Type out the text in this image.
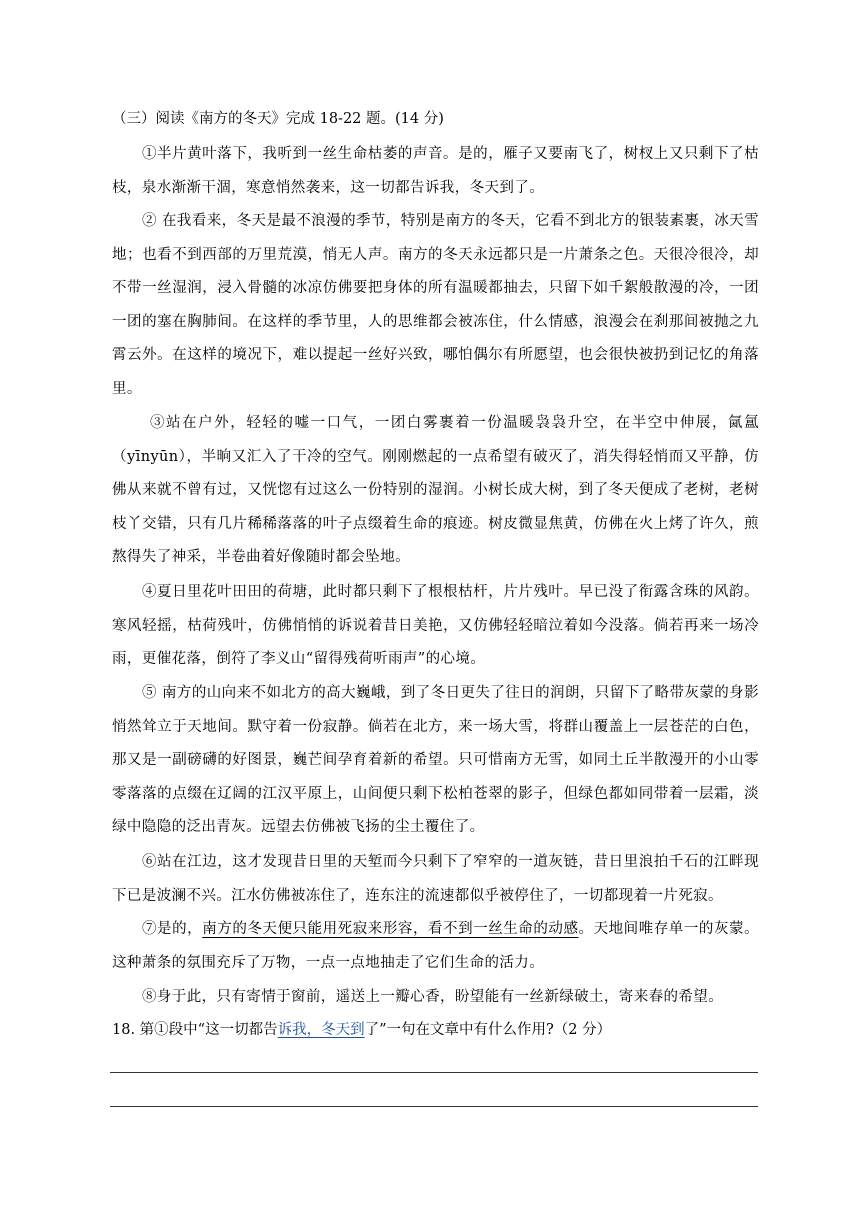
（三）阅读《南方的冬天》完成 18-22 题。(14 分)
①半片黄叶落下，我听到一丝生命枯萎的声音。是的，雁子又要南飞了，树杈上又只剩下了枯枝，泉水渐渐干涸，寒意悄然袭来，这一切都告诉我，冬天到了。
② 在我看来，冬天是最不浪漫的季节，特别是南方的冬天，它看不到北方的银装素裹，冰天雪地；也看不到西部的万里荒漠，悄无人声。南方的冬天永远都只是一片萧条之色。天很冷很冷，却不带一丝湿润，浸入骨髓的冰凉仿佛要把身体的所有温暖都抽去，只留下如千絮般散漫的冷，一团一团的塞在胸肺间。在这样的季节里，人的思维都会被冻住，什么情感，浪漫会在刹那间被抛之九霄云外。在这样的境况下，难以提起一丝好兴致，哪怕偶尔有所愿望，也会很快被扔到记忆的角落里。
③站在户外，轻轻的嘘一口气，一团白雾裹着一份温暖袅袅升空，在半空中伸展，氤氲（yīnyūn），半晌又汇入了干冷的空气。刚刚燃起的一点希望有破灭了，消失得轻悄而又平静，仿佛从来就不曾有过，又恍惚有过这么一份特别的湿润。小树长成大树，到了冬天便成了老树，老树枝丫交错，只有几片稀稀落落的叶子点缀着生命的痕迹。树皮微显焦黄，仿佛在火上烤了许久，煎熬得失了神采，半卷曲着好像随时都会坠地。
④夏日里花叶田田的荷塘，此时都只剩下了根根枯杆，片片残叶。早已没了衔露含珠的风韵。寒风轻摇，枯荷残叶，仿佛悄悄的诉说着昔日美艳，又仿佛轻轻暗泣着如今没落。倘若再来一场冷雨，更催花落，倒符了李义山“留得残荷听雨声”的心境。
⑤ 南方的山向来不如北方的高大巍峨，到了冬日更失了往日的润朗，只留下了略带灰蒙的身影悄然耸立于天地间。默守着一份寂静。倘若在北方，来一场大雪，将群山覆盖上一层苍茫的白色，那又是一副磅礴的好图景，巍芒间孕育着新的希望。只可惜南方无雪，如同土丘半散漫开的小山零零落落的点缀在辽阔的江汉平原上，山间便只剩下松柏苍翠的影子，但绿色都如同带着一层霜，淡绿中隐隐的泛出青灰。远望去仿佛被飞扬的尘土覆住了。
⑥站在江边，这才发现昔日里的天堑而今只剩下了窄窄的一道灰链，昔日里浪拍千石的江畔现下已是波澜不兴。江水仿佛被冻住了，连东注的流速都似乎被停住了，一切都现着一片死寂。
⑦是的，南方的冬天便只能用死寂来形容，看不到一丝生命的动感。天地间唯存单一的灰蒙。这种萧条的氛围充斥了万物，一点一点地抽走了它们生命的活力。
⑧身于此，只有寄情于窗前，遥送上一瓣心香，盼望能有一丝新绿破土，寄来春的希望。
18. 第①段中“这一切都告诉我，冬天到了”一句在文章中有什么作用?（2 分）
